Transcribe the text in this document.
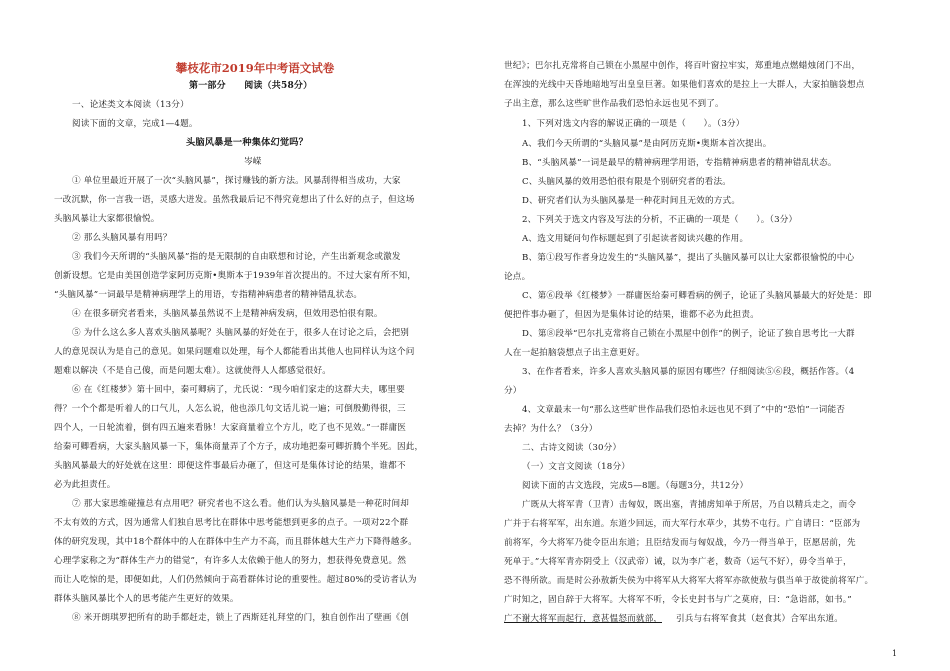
攀枝花市2019年中考语文试卷
第一部分　　阅读（共58分）
一、论述类文本阅读（13分）
阅读下面的文章，完成1—4题。
头脑风暴是一种集体幻觉吗？
岑嵘
① 单位里最近开展了一次“头脑风暴”，探讨赚钱的新方法。风暴刮得相当成功，大家
一改沉默，你一言我一语，灵感大迸发。虽然我最后记不得究竟想出了什么好的点子，但这场
头脑风暴让大家都很愉悦。
② 那么头脑风暴有用吗？
③ 我们今天所谓的“头脑风暴”指的是无限制的自由联想和讨论，产生出新观念或激发
创新设想。它是由美国创造学家阿历克斯•奥斯本于1939年首次提出的。不过大家有所不知，
“头脑风暴”一词最早是精神病理学上的用语，专指精神病患者的精神错乱状态。
④ 在很多研究者看来，头脑风暴虽然说不上是精神病发病，但效用恐怕很有限。
⑤ 为什么这么多人喜欢头脑风暴呢？头脑风暴的好处在于，很多人在讨论之后，会把别
人的意见误认为是自己的意见。如果问题难以处理，每个人都能看出其他人也同样认为这个问
题难以解决（不是自己傻，而是问题太难）。这就使得人人都感觉很好。
⑥ 在《红楼梦》第十回中，秦可卿病了，尤氏说：“现今咱们家走的这群大夫，哪里要
得？一个个都是听着人的口气儿，人怎么说，他也添几句文话儿说一遍；可倒殷勤得很，三
四个人，一日轮流着，倒有四五遍来看脉！大家商量着立个方儿，吃了也不见效。”一群庸医
给秦可卿看病，大家头脑风暴一下，集体商量弄了个方子，成功地把秦可卿折腾个半死。因此，
头脑风暴最大的好处就在这里：即便这件事最后办砸了，但这可是集体讨论的结果，谁都不
必为此担责任。
⑦ 那大家思维碰撞总有点用吧？研究者也不这么看。他们认为头脑风暴是一种花时间却
不太有效的方式，因为通常人们独自思考比在群体中思考能想到更多的点子。一项对22个群
体的研究发现，其中18个群体中的人在群体中生产力不高，而且群体越大生产力下降得越多。
心理学家称之为“群体生产力的错觉”，有许多人太依赖于他人的努力，想获得免费意见。然
而让人吃惊的是，即便如此，人们仍然倾向于高看群体讨论的重要性。超过80%的受访者认为
群体头脑风暴比个人的思考能产生更好的效果。
⑧ 米开朗琪罗把所有的助手都赶走，锁上了西斯廷礼拜堂的门，独自创作出了壁画《创
世纪》；巴尔扎克常将自己锁在小黑屋中创作，将百叶窗拉牢实，郑重地点燃蜡烛闭门不出，
在浑浊的光线中天昏地暗地写出皇皇巨著。如果他们喜欢的是拉上一大群人，大家拍脑袋想点
子出主意，那么这些旷世作品我们恐怕永远也见不到了。
1、下列对选文内容的解说正确的一项是（　　）。（3分）
A、我们今天所谓的“头脑风暴”是由阿历克斯•奥斯本首次提出。
B、“头脑风暴”一词是最早的精神病理学用语，专指精神病患者的精神错乱状态。
C、头脑风暴的效用恐怕很有限是个别研究者的看法。
D、研究者们认为头脑风暴是一种花时间且无效的方式。
2、下列关于选文内容及写法的分析，不正确的一项是（　　）。（3分）
A、选文用疑问句作标题起到了引起读者阅读兴趣的作用。
B、第①段写作者身边发生的“头脑风暴”，提出了头脑风暴可以让大家都很愉悦的中心
论点。
C、第⑥段举《红楼梦》一群庸医给秦可卿看病的例子，论证了头脑风暴最大的好处是：即
便把件事办砸了，但因为是集体讨论的结果，谁都不必为此担责。
D、第⑧段举“巴尔扎克常将自己锁在小黑屋中创作”的例子，论证了独自思考比一大群
人在一起拍脑袋想点子出主意更好。
3、在作者看来，许多人喜欢头脑风暴的原因有哪些？仔细阅读⑤⑥段，概括作答。（4
分）
4、文章最末一句“那么这些旷世作品我们恐怕永远也见不到了”中的“恐怕”一词能否
去掉？为什么？（3分）
二、古诗文阅读（30分）
（一）文言文阅读（18分）
阅读下面的古文选段，完成5—8题。（每题3分，共12分）
广既从大将军青（卫青）击匈奴，既出塞，青捕虏知单于所居，乃自以精兵走之，而令
广并于右将军军，出东道。东道少回远，而大军行水草少，其势不屯行。广自请曰：“臣部为
前将军，今大将军乃徙令臣出东道；且臣结发而与匈奴战，今乃一得当单于，臣愿居前，先
死单于。”大将军青亦阴受上（汉武帝）诫，以为李广老，数奇（运气不好），毋令当单于，
恐不得所欲。而是时公孙敖新失侯为中将军从大将军大将军亦欲使敖与俱当单于故徙前将军广。
广时知之，固自辞于大将军。大将军不听，令长史封书与广之莫府，曰：“急诣部，如书。”
广不谢大将军而起行，意甚愠怒而就部， 引兵与右将军食其（赵食其）合军出东道。
1
